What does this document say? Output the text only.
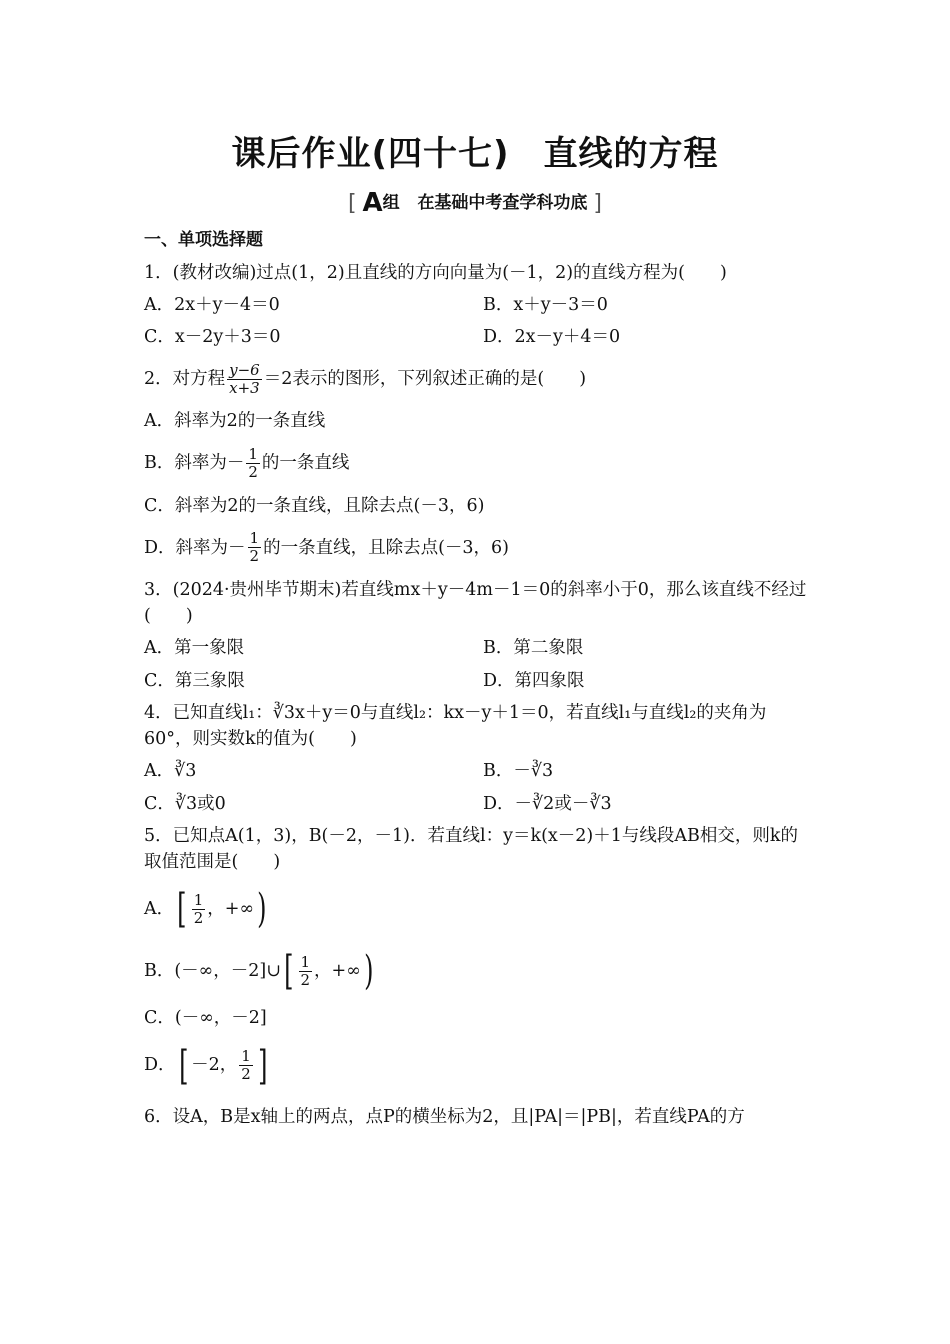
课后作业(四十七) 直线的方程
[ A组 在基础中考查学科功底 ]
一、单项选择题
1．(教材改编)过点(1，2)且直线的方向向量为(－1，2)的直线方程为(　　)
A．2x＋y－4＝0	B．x＋y－3＝0
C．x－2y＋3＝0	D．2x－y＋4＝0
2．对方程 $\frac{y-6}{x+3} =2$表示的图形，下列叙述正确的是(　　)
A．斜率为2的一条直线
B．斜率为－ $\frac{1}{2}$ 的一条直线
C．斜率为2的一条直线，且除去点(－3，6)
D．斜率为－ $\frac{1}{2}$ 的一条直线，且除去点(－3，6)
3．(2024·贵州毕节期末)若直线mx＋y－4m－1＝0的斜率小于0，那么该直线不经过(　　)
A．第一象限	B．第二象限
C．第三象限	D．第四象限
4．已知直线l₁：∛3x＋y＝0与直线l₂：kx－y＋1＝0，若直线l₁与直线l₂的夹角为60°，则实数k的值为(　　)
A．∛3	B．－∛3
C．∛3或0	D．－∛2或－∛3
5．已知点A(1，3)，B(－2，－1)．若直线l：y＝k(x－2)＋1与线段AB相交，则k的取值范围是(　　)
A． [ $\frac{1}{2}$ ，+∞ )
B．(－∞，－2]∪ [ $\frac{1}{2}$ ，+∞ )
C．(－∞，－2]
D． [ －2， $\frac{1}{2}$ ]
6．设A，B是x轴上的两点，点P的横坐标为2，且|PA|＝|PB|，若直线PA的方
